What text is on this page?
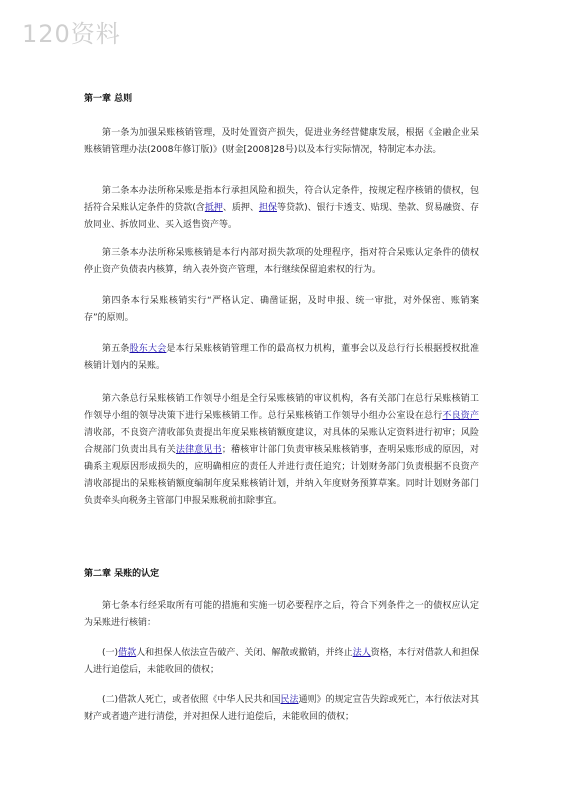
120资料
第一章 总则
第一条为加强呆账核销管理，及时处置资产损失，促进业务经营健康发展，根据《金融企业呆账核销管理办法(2008年修订版)》(财金[2008]28号)以及本行实际情况，特制定本办法。
第二条本办法所称呆账是指本行承担风险和损失，符合认定条件，按规定程序核销的债权，包括符合呆账认定条件的贷款(含抵押、质押、担保等贷款)、银行卡透支、贴现、垫款、贸易融资、存放同业、拆放同业、买入返售资产等。
第三条本办法所称呆账核销是本行内部对损失款项的处理程序，指对符合呆账认定条件的债权停止资产负债表内核算，纳入表外资产管理，本行继续保留追索权的行为。
第四条本行呆账核销实行“严格认定、确凿证据，及时申报、统一审批，对外保密、账销案存”的原则。
第五条股东大会是本行呆账核销管理工作的最高权力机构，董事会以及总行行长根据授权批准核销计划内的呆账。
第六条总行呆账核销工作领导小组是全行呆账核销的审议机构，各有关部门在总行呆账核销工作领导小组的领导决策下进行呆账核销工作。总行呆账核销工作领导小组办公室设在总行不良资产清收部，不良资产清收部负责提出年度呆账核销额度建议，对具体的呆账认定资料进行初审；风险合规部门负责出具有关法律意见书；稽核审计部门负责审核呆账核销事，查明呆账形成的原因，对确系主观原因形成损失的，应明确相应的责任人并进行责任追究；计划财务部门负责根据不良资产清收部提出的呆账核销额度编制年度呆账核销计划，并纳入年度财务预算草案。同时计划财务部门负责牵头向税务主管部门申报呆账税前扣除事宜。
第二章 呆账的认定
第七条本行经采取所有可能的措施和实施一切必要程序之后，符合下列条件之一的债权应认定为呆账进行核销：
(一)借款人和担保人依法宣告破产、关闭、解散或撤销，并终止法人资格，本行对借款人和担保人进行追偿后，未能收回的债权；
(二)借款人死亡，或者依照《中华人民共和国民法通则》的规定宣告失踪或死亡，本行依法对其财产或者遗产进行清偿，并对担保人进行追偿后，未能收回的债权；
